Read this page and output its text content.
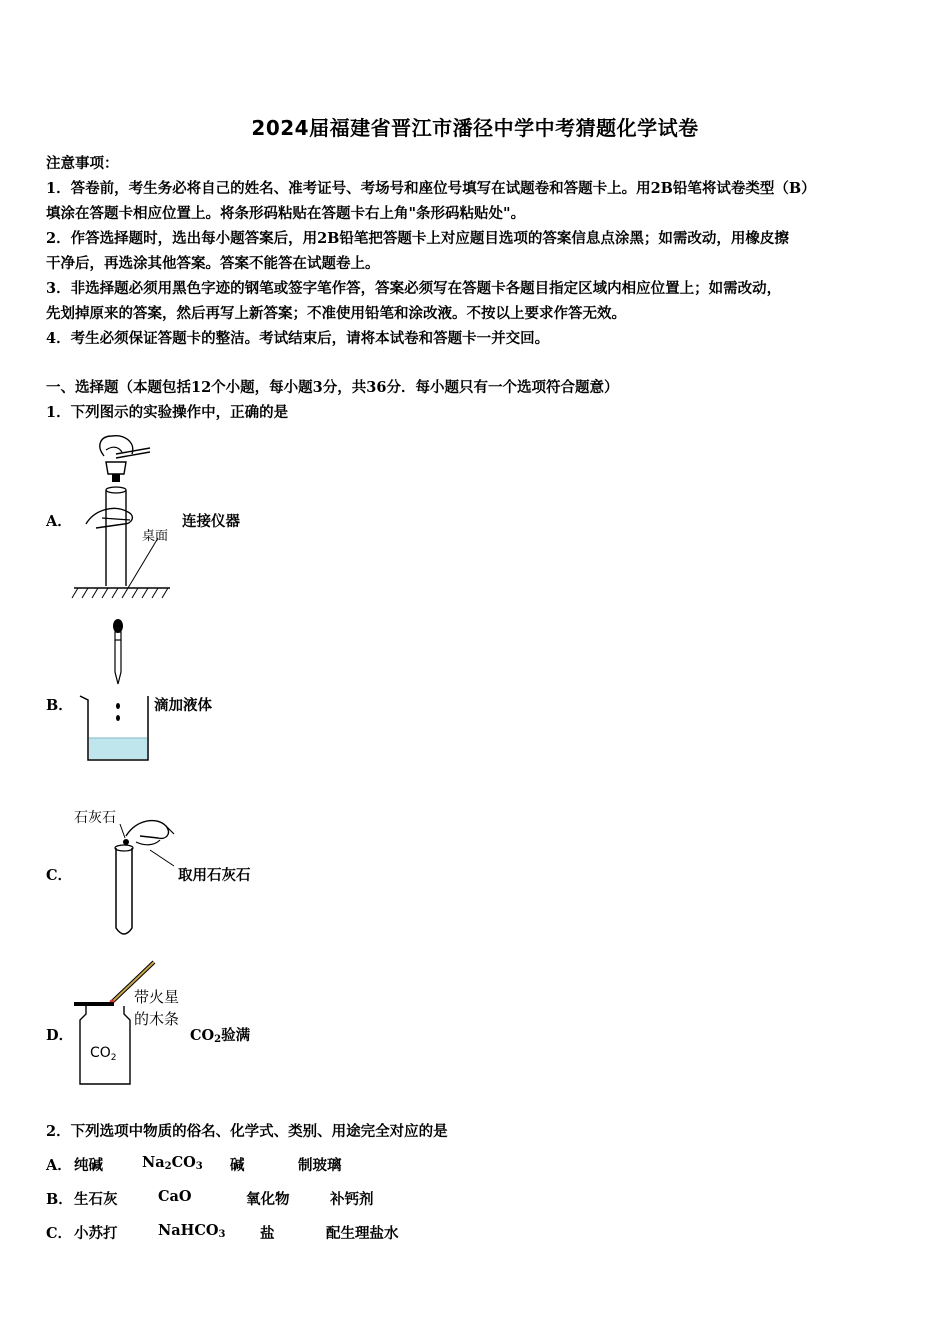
2024届福建省晋江市潘径中学中考猜题化学试卷
注意事项：
1．答卷前，考生务必将自己的姓名、准考证号、考场号和座位号填写在试题卷和答题卡上。用2B铅笔将试卷类型（B）
填涂在答题卡相应位置上。将条形码粘贴在答题卡右上角"条形码粘贴处"。
2．作答选择题时，选出每小题答案后，用2B铅笔把答题卡上对应题目选项的答案信息点涂黑；如需改动，用橡皮擦
干净后，再选涂其他答案。答案不能答在试题卷上。
3．非选择题必须用黑色字迹的钢笔或签字笔作答，答案必须写在答题卡各题目指定区域内相应位置上；如需改动，
先划掉原来的答案，然后再写上新答案；不准使用铅笔和涂改液。不按以上要求作答无效。
4．考生必须保证答题卡的整洁。考试结束后，请将本试卷和答题卡一并交回。
一、选择题（本题包括12个小题，每小题3分，共36分．每小题只有一个选项符合题意）
1．下列图示的实验操作中，正确的是
桌面
A．	连接仪器
B．	滴加液体
石灰石
C．	取用石灰石
$CO_2$
带火星
的木条
D．	$CO_2$验满
2．下列选项中物质的俗名、化学式、类别、用途完全对应的是
A． 纯碱	$Na_2CO_3$ 碱	制玻璃
B． 生石灰	CaO	氧化物	补钙剂
C． 小苏打	NaHCO$_3$ 盐	配生理盐水
